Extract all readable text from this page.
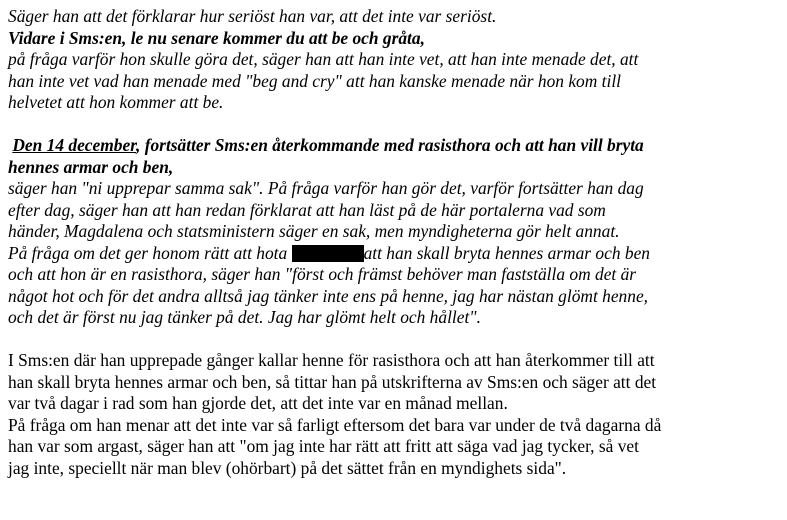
Säger han att det förklarar hur seriöst han var, att det inte var seriöst.

Vidare i Sms:en, le nu senare kommer du att be och gråta,

på fråga varför hon skulle göra det, säger han att han inte vet, att han inte menade det, att

han inte vet vad han menade med "beg and cry" att han kanske menade när hon kom till

helvetet att hon kommer att be.

Den 14 december, fortsätter Sms:en återkommande med rasisthora och att han vill bryta

hennes armar och ben,

säger han "ni upprepar samma sak". På fråga varför han gör det, varför fortsätter han dag

efter dag, säger han att han redan förklarat att han läst på de här portalerna vad som

händer, Magdalena och statsministern säger en sak, men myndigheterna gör helt annat.

På fråga om det ger honom rätt att hota	att han skall bryta hennes armar och ben

och att hon är en rasisthora, säger han "först och främst behöver man fastställa om det är

något hot och för det andra alltså jag tänker inte ens på henne, jag har nästan glömt henne,

och det är först nu jag tänker på det. Jag har glömt helt och hållet".

I Sms:en där han upprepade gånger kallar henne för rasisthora och att han återkommer till att

han skall bryta hennes armar och ben, så tittar han på utskrifterna av Sms:en och säger att det

var två dagar i rad som han gjorde det, att det inte var en månad mellan.

På fråga om han menar att det inte var så farligt eftersom det bara var under de två dagarna då

han var som argast, säger han att "om jag inte har rätt att fritt att säga vad jag tycker, så vet

jag inte, speciellt när man blev (ohörbart) på det sättet från en myndighets sida".
